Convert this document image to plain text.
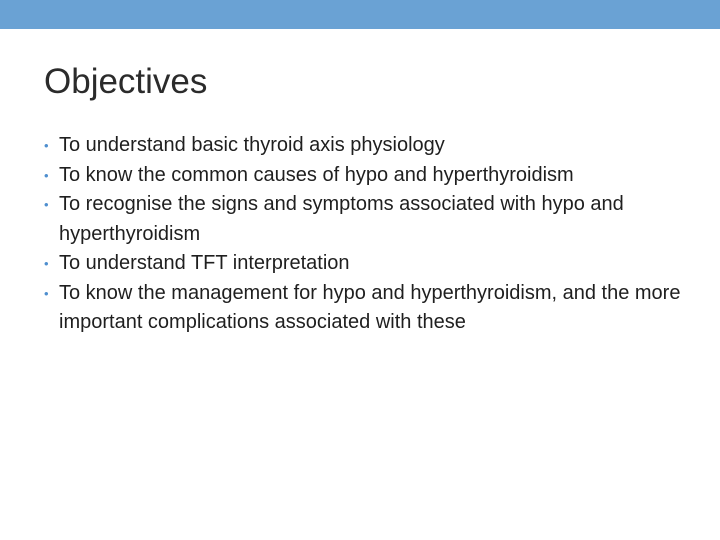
Objectives
• To understand basic thyroid axis physiology
• To know the common causes of hypo and hyperthyroidism
• To recognise the signs and symptoms associated with hypo and hyperthyroidism
• To understand TFT interpretation
• To know the management for hypo and hyperthyroidism, and the more important complications associated with these
